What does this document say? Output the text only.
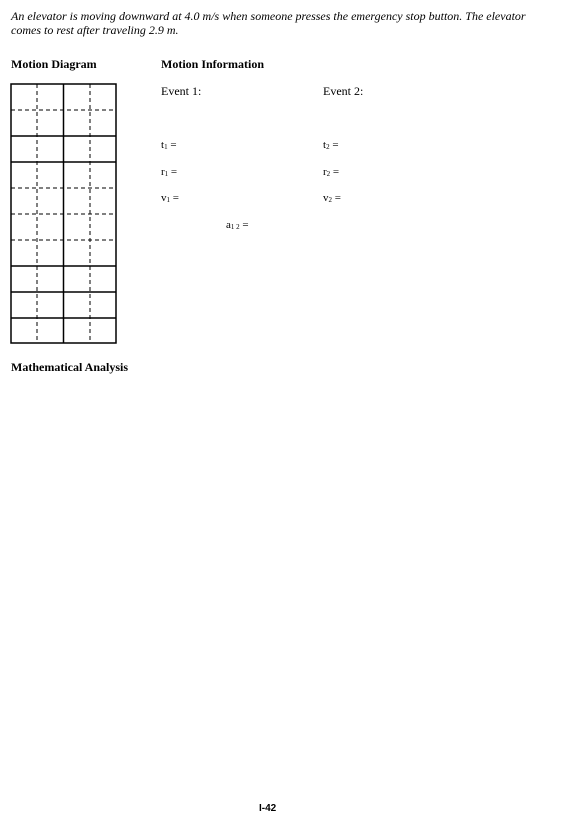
An elevator is moving downward at 4.0 m/s when someone presses the emergency stop button. The elevator comes to rest after traveling 2.9 m.
Motion Diagram	Motion Information
Event 1:	Event 2:
$t_1$ =
$r_1$ =
$v_1$ =
$t_2$ =
$r_2$ =
$v_2$ =
$a_{1 2}$ =
Mathematical Analysis
I-42
